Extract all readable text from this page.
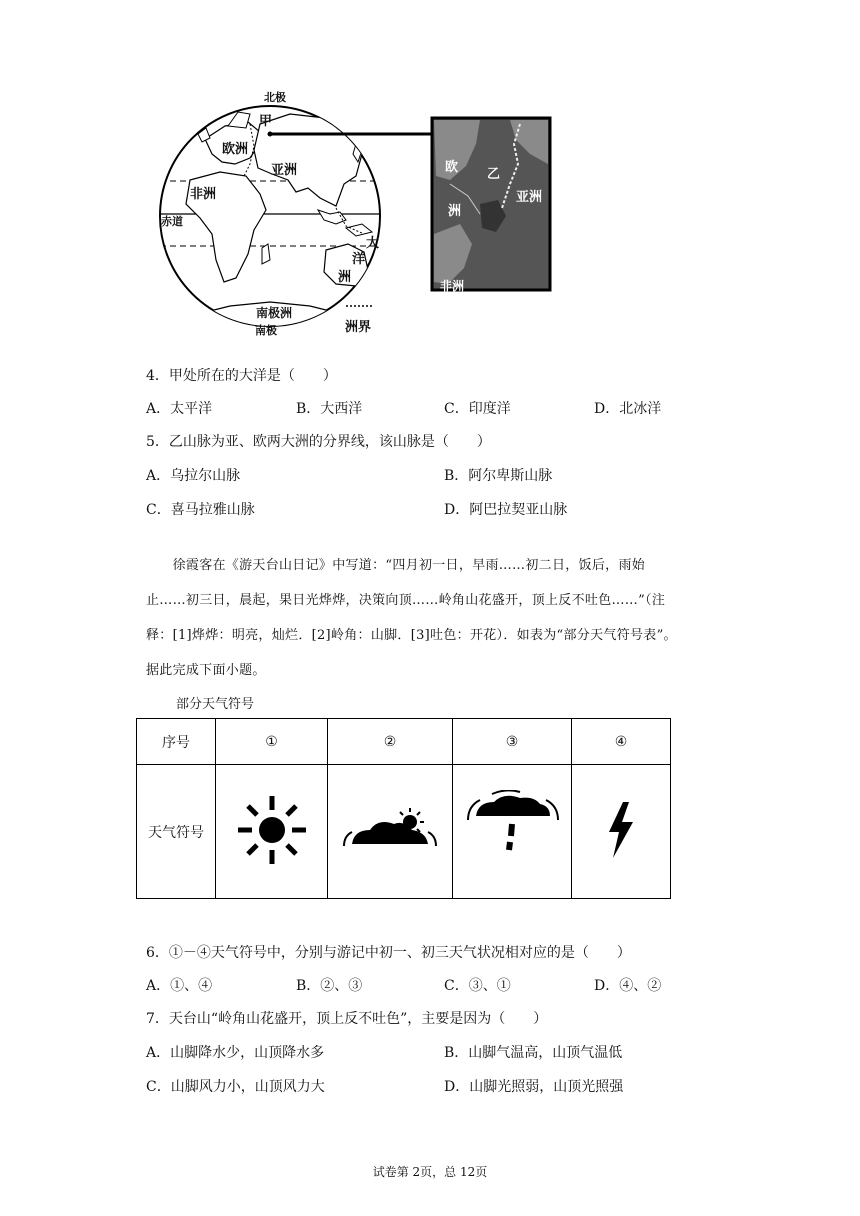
北极
甲
欧洲
亚洲
非洲
赤道
大
洋
洲
南极洲
南极	洲界
欧
洲
乙
亚洲
非洲
4．甲处所在的大洋是（　　）
A．太平洋	B．大西洋	C．印度洋	D．北冰洋
5．乙山脉为亚、欧两大洲的分界线，该山脉是（　　）
A．乌拉尔山脉	B．阿尔卑斯山脉
C．喜马拉雅山脉	D．阿巴拉契亚山脉

　　徐霞客在《游天台山日记》中写道：“四月初一日，早雨……初二日，饭后，雨始

止……初三日，晨起，果日光烨烨，决策向顶……岭角山花盛开，顶上反不吐色……”（注

释：[1]烨烨：明亮，灿烂．[2]岭角：山脚．[3]吐色：开花）．如表为“部分天气符号表”。

据此完成下面小题。

部分天气符号
序号	①	②	③	④
天气符号				
6．①－④天气符号中，分别与游记中初一、初三天气状况相对应的是（　　）
A．①、④	B．②、③	C．③、①	D．④、②
7．天台山“岭角山花盛开，顶上反不吐色”，主要是因为（　　）
A．山脚降水少，山顶降水多	B．山脚气温高，山顶气温低
C．山脚风力小，山顶风力大	D．山脚光照弱，山顶光照强
试卷第 2页，总 12页
